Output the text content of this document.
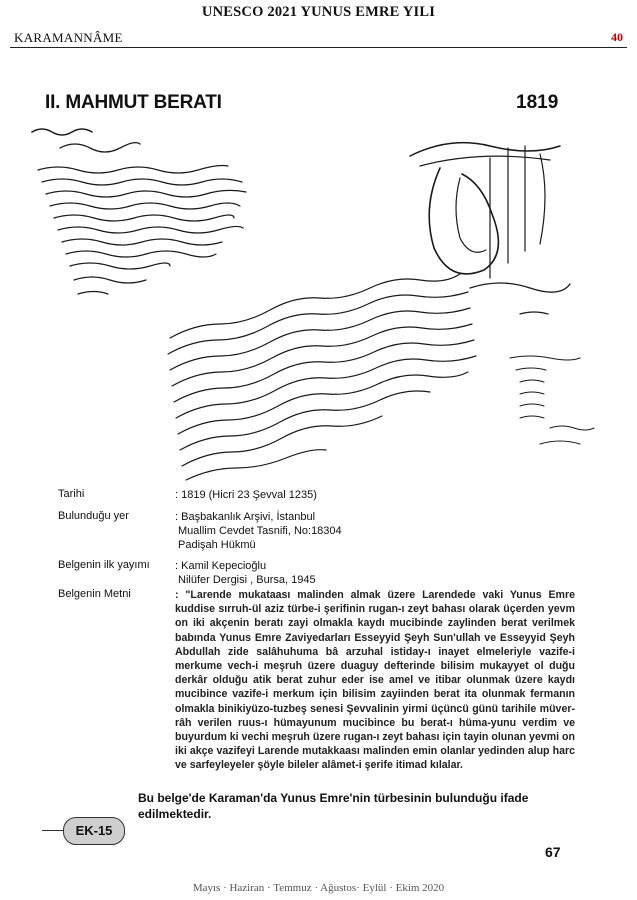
UNESCO 2021 YUNUS EMRE YILI
KARAMANNÂME	40
II. MAHMUT BERATI	1819
Tarihi	: 1819 (Hicri 23 Şevval 1235)
Bulunduğu yer	: Başbakanlık Arşivi, İstanbul
Muallim Cevdet Tasnifi, No:18304
Padişah Hükmü
Belgenin ilk yayımı : Kamil Kepecioğlu
Nilüfer Dergisi , Bursa, 1945
Belgenin Metni	: "Larende mukataası malinden almak üzere Larendede vaki Yunus Emre kuddise sırruh-ül aziz türbe-i şerifinin rugan-ı zeyt bahası olarak üçerden yevm on iki akçenin beratı zayi olmakla kaydı mucibinde zaylinden berat verilmek babında Yunus Emre Zaviyedarları Esseyyid Şeyh Sun'ullah ve Esseyyid Şeyh Abdullah zide salâhuhuma bâ arzuhal istiday-ı inayet elmeleriyle vazife-i merkume vech-i meşruh üzere duaguy defterinde bilisim mukayyet ol duğu derkâr olduğu atik berat zuhur eder ise amel ve itibar olunmak üzere kaydı mucibince vazife-i merkum için bilisim zayiinden berat ita olunmak fermanın olmakla binikiyüzo-tuzbeş senesi Şevvalinin yirmi üçüncü günü tarihile müver-râh verilen ruus-ı hümayunum mucibince bu berat-ı hüma-yunu verdim ve buyurdum ki vechi meşruh üzere rugan-ı zeyt bahası için tayin olunan yevmi on iki akçe vazifeyi Larende mutakkaası malinden emin olanlar yedinden alup harc ve sarfeyleyeler şöyle bileler alâmet-i şerife itimad kılalar.
Bu belge'de Karaman'da Yunus Emre'nin türbesinin bulunduğu ifade edilmektedir.
EK-15
67
Mayıs · Haziran · Temmuz · Ağustos· Eylül · Ekim 2020
